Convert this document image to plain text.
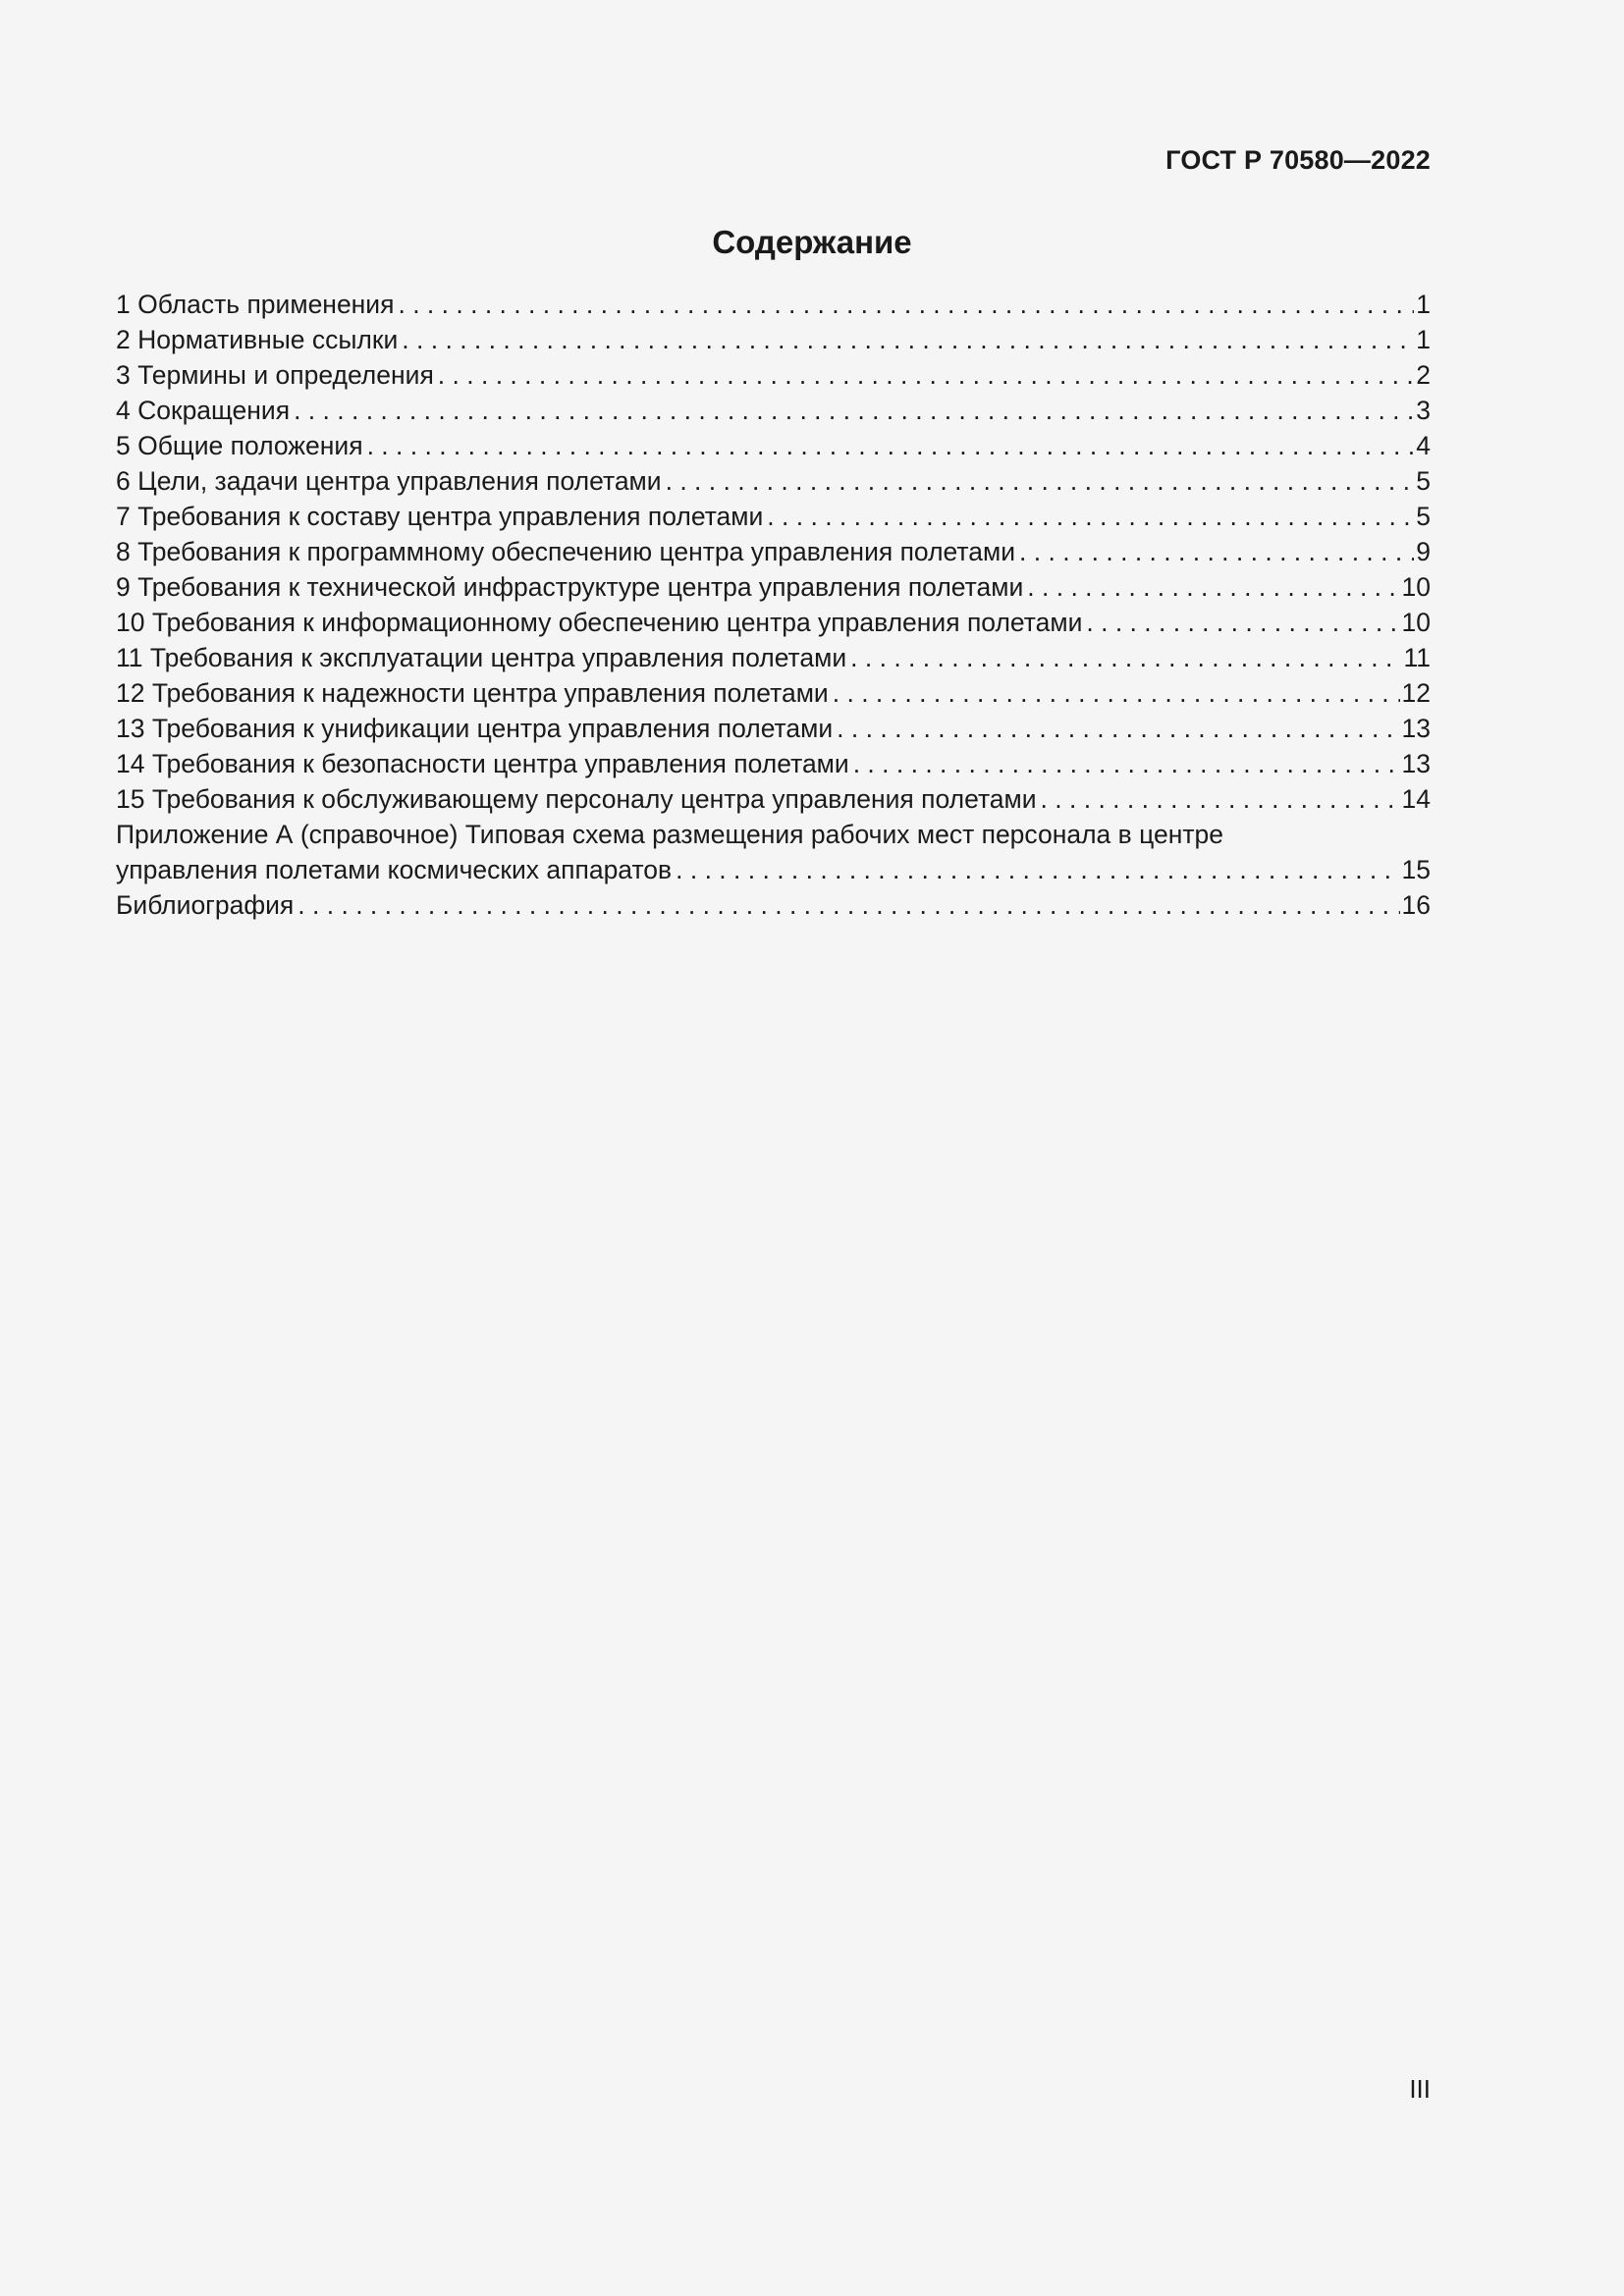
ГОСТ Р 70580—2022
Содержание
1 Область применения . . .	1
2 Нормативные ссылки . . .	1
3 Термины и определения . . .	2
4 Сокращения . . .	3
5 Общие положения . . .	4
6 Цели, задачи центра управления полетами . . .	5
7 Требования к составу центра управления полетами . . .	5
8 Требования к программному обеспечению центра управления полетами . . .	9
9 Требования к технической инфраструктуре центра управления полетами . . .	10
10 Требования к информационному обеспечению центра управления полетами . . .	10
11 Требования к эксплуатации центра управления полетами . . .	11
12 Требования к надежности центра управления полетами . . .	12
13 Требования к унификации центра управления полетами . . .	13
14 Требования к безопасности центра управления полетами . . .	13
15 Требования к обслуживающему персоналу центра управления полетами . . .	14
Приложение А (справочное) Типовая схема размещения рабочих мест персонала в центре
управления полетами космических аппаратов . . .	15
Библиография . . .	16
III
